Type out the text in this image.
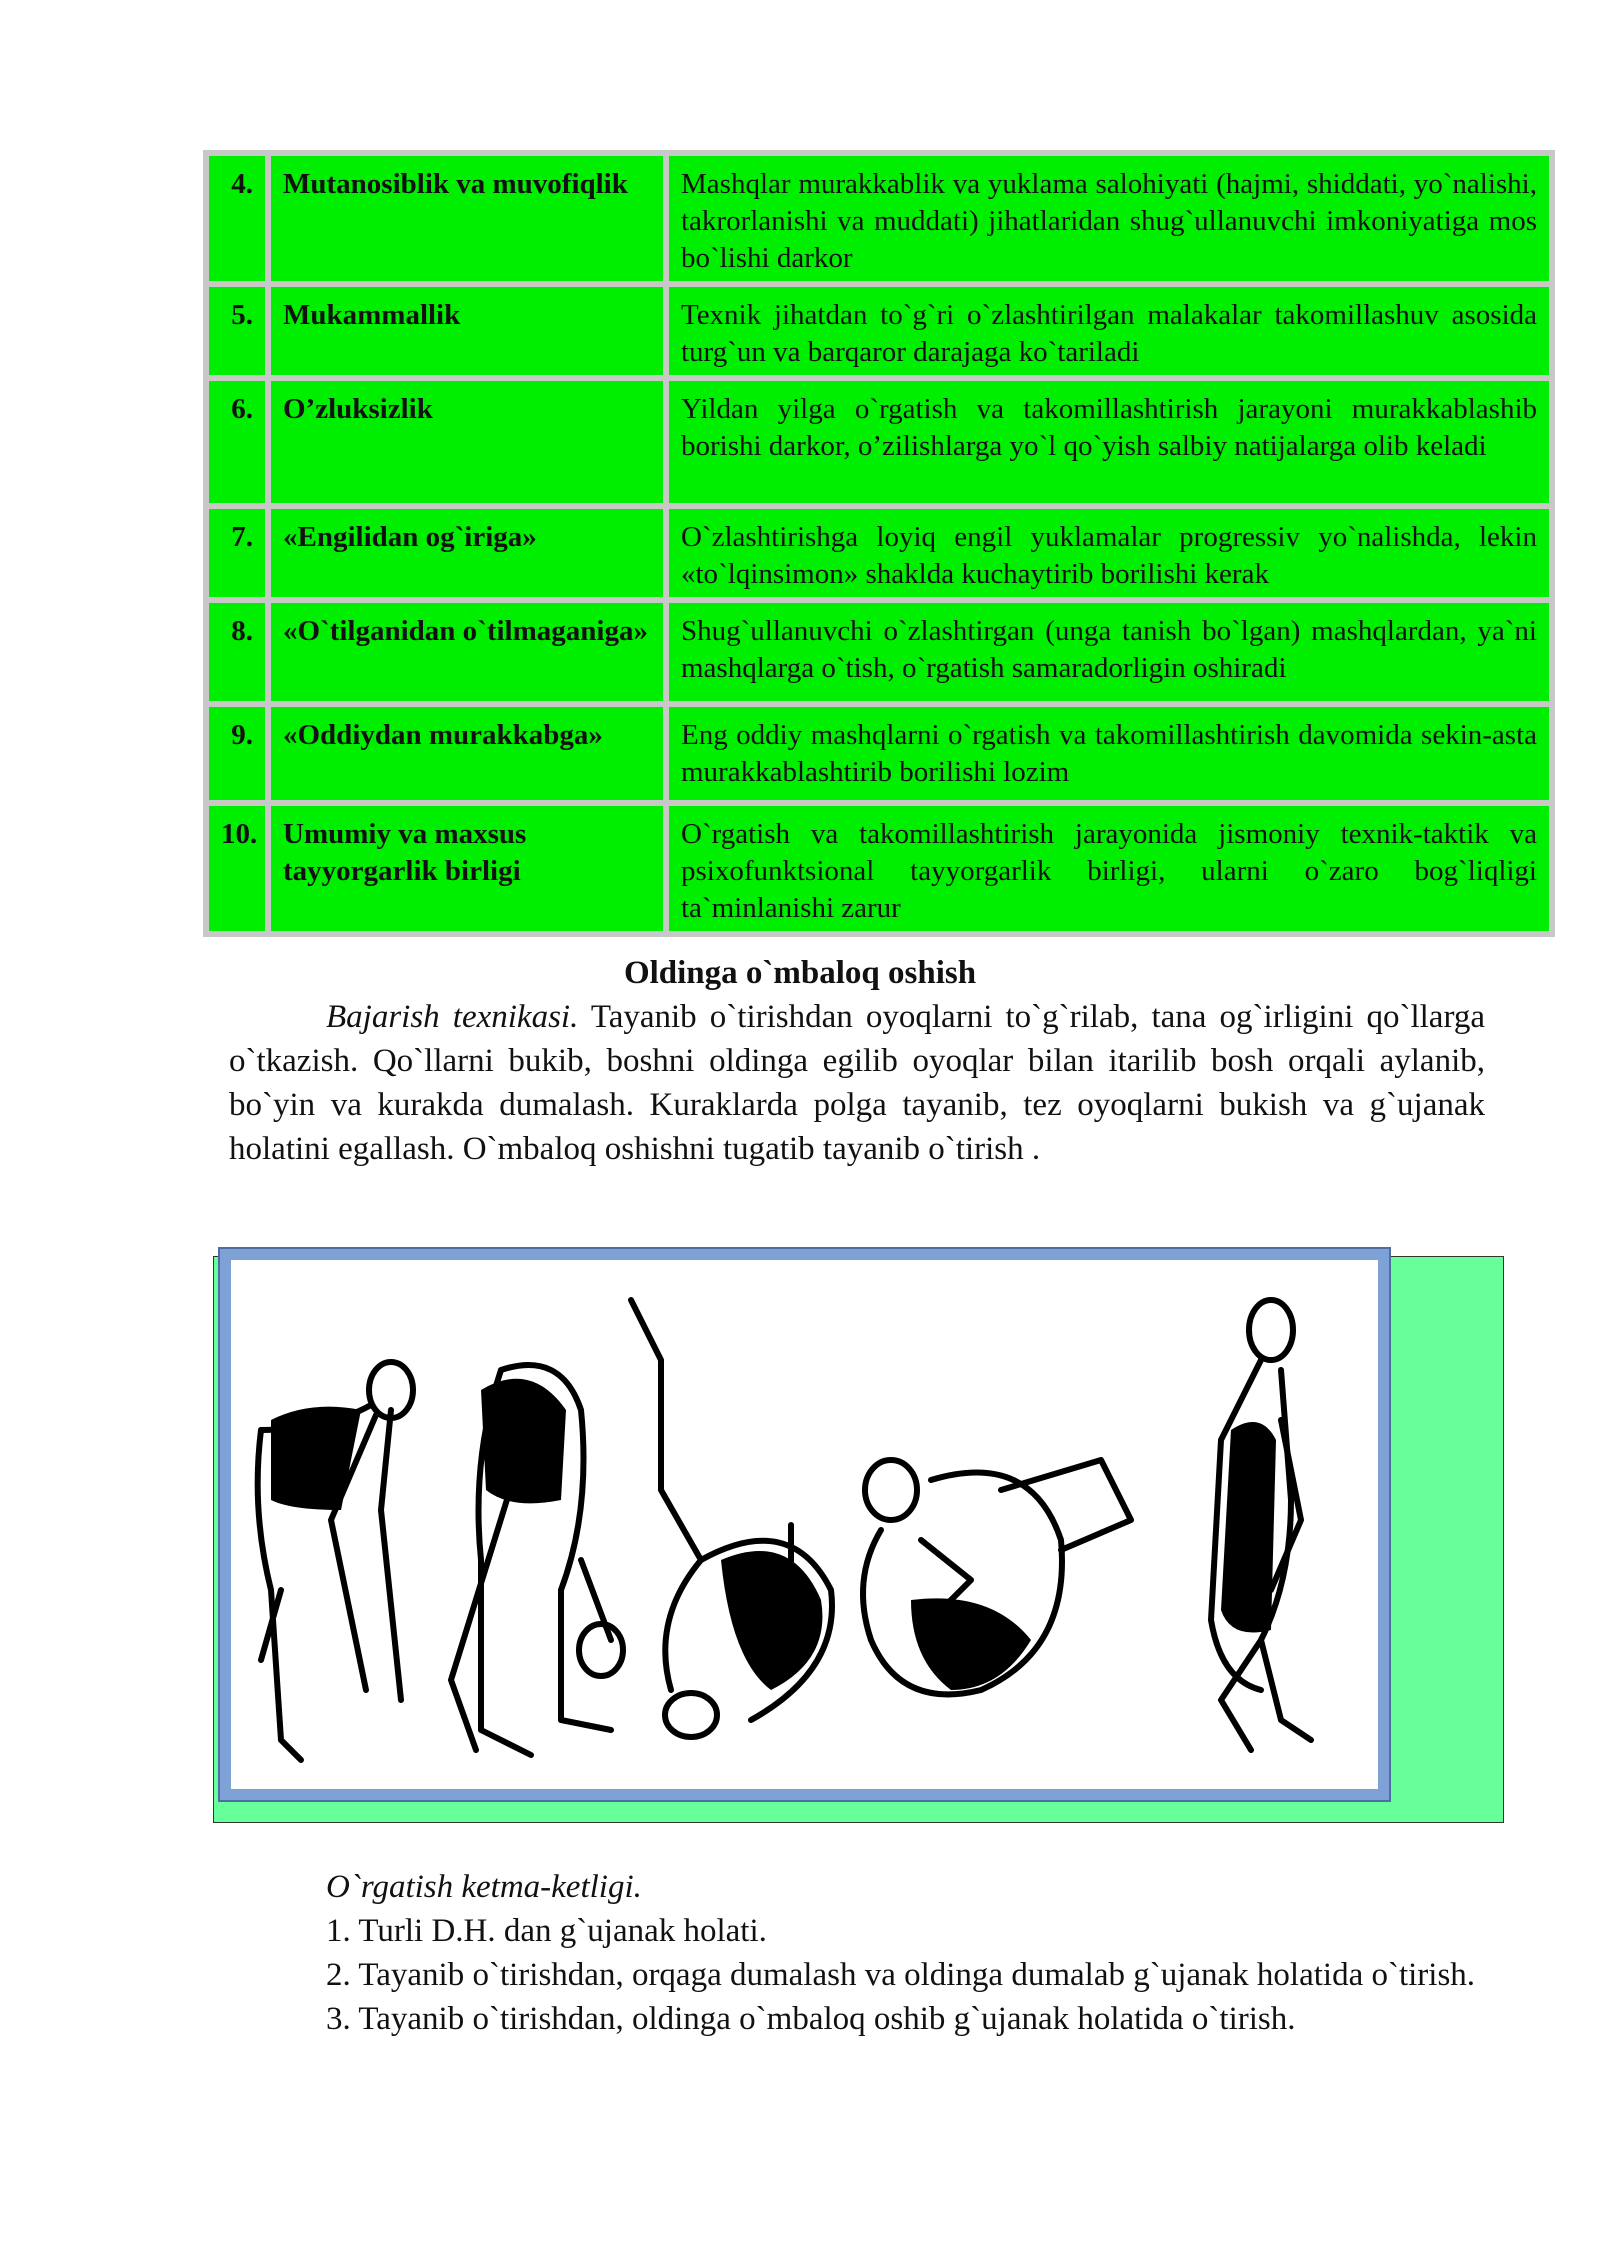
4.	Mutanosiblik va muvofiqlik	Mashqlar murakkablik va yuklama salohiyati (hajmi, shiddati, yo`nalishi, takrorlanishi va muddati) jihatlaridan shug`ullanuvchi imkoniyatiga mos bo`lishi darkor
5.	Mukammallik	Texnik jihatdan to`g`ri o`zlashtirilgan malakalar takomillashuv asosida turg`un va barqaror darajaga ko`tariladi
6.	O’zluksizlik	Yildan yilga o`rgatish va takomillashtirish jarayoni murakkablashib borishi darkor, o’zilishlarga yo`l qo`yish salbiy natijalarga olib keladi
7.	«Engilidan og`iriga»	O`zlashtirishga loyiq engil yuklamalar progressiv yo`nalishda, lekin «to`lqinsimon» shaklda kuchaytirib borilishi kerak
8.	«O`tilganidan o`tilmaganiga»	Shug`ullanuvchi o`zlashtirgan (unga tanish bo`lgan) mashqlardan, ya`ni mashqlarga o`tish, o`rgatish samaradorligin oshiradi
9.	«Oddiydan murakkabga»	Eng oddiy mashqlarni o`rgatish va takomillashtirish davomida sekin-asta murakkablashtirib borilishi lozim
10.	Umumiy va maxsus tayyorgarlik birligi	O`rgatish va takomillashtirish jarayonida jismoniy texnik-taktik va psixofunktsional tayyorgarlik birligi, ularni o`zaro bog`liqligi ta`minlanishi zarur
Oldinga o`mbaloq oshish

Bajarish texnikasi. Tayanib o`tirishdan oyoqlarni to`g`rilab, tana og`irligini qo`llarga o`tkazish. Qo`llarni bukib, boshni oldinga egilib oyoqlar bilan itarilib bosh orqali aylanib, bo`yin va kurakda dumalash. Kuraklarda polga tayanib, tez oyoqlarni bukish va g`ujanak holatini egallash. O`mbaloq oshishni tugatib tayanib o`tirish .

O`rgatish ketma-ketligi.
1. Turli D.H. dan g`ujanak holati.
2. Tayanib o`tirishdan, orqaga dumalash va oldinga dumalab g`ujanak holatida o`tirish.
3. Tayanib o`tirishdan, oldinga o`mbaloq oshib g`ujanak holatida o`tirish.
